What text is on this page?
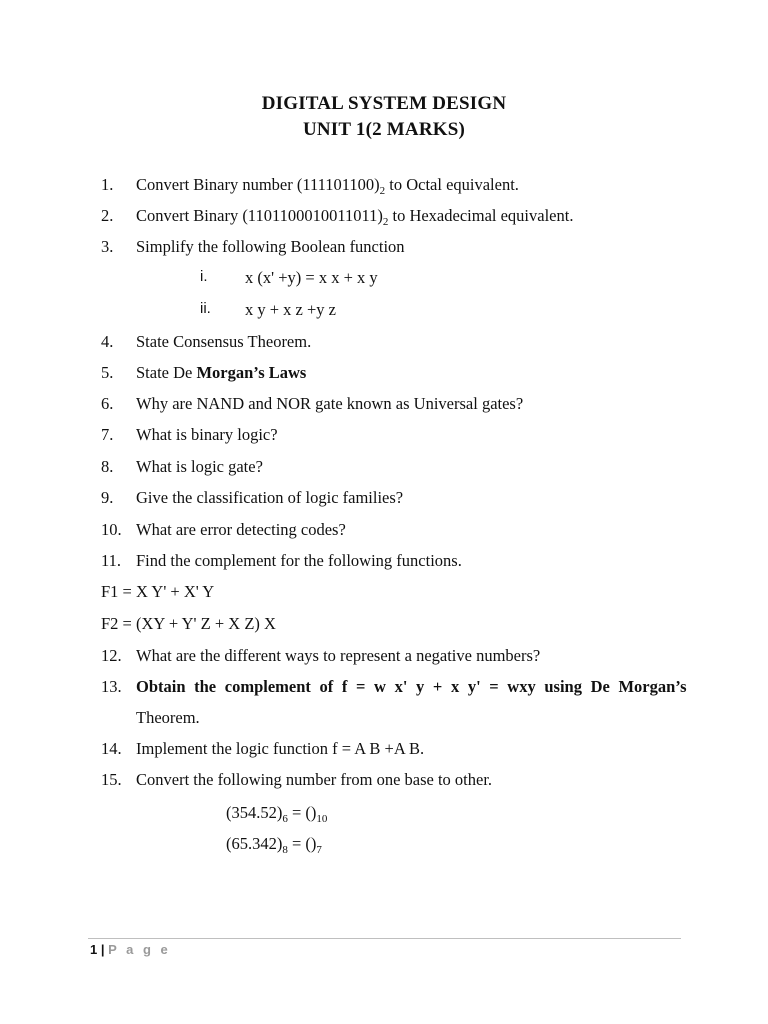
DIGITAL SYSTEM DESIGN
UNIT 1(2 MARKS)
1. Convert Binary number $(111101100)_2$ to Octal equivalent.
2. Convert Binary $(1101100010011011)_2$ to Hexadecimal equivalent.
3. Simplify the following Boolean function
i. x (x' +y) = x x + x y
ii. x y + x z +y z
4. State Consensus Theorem.
5. State De Morgan’s Laws
6. Why are NAND and NOR gate known as Universal gates?
7. What is binary logic?
8. What is logic gate?
9. Give the classification of logic families?
10. What are error detecting codes?
11. Find the complement for the following functions.
F1 = X Y' + X' Y
F2 = (XY + Y' Z + X Z) X
12. What are the different ways to represent a negative numbers?
13. Obtain the complement of f = w x' y + x y' = wxy using De Morgan’s
Theorem.
14. Implement the logic function f = A B +A B.
15. Convert the following number from one base to other.
$(354.52)_6 = ()_{10}$
$(65.342)_8 = ()_7$
1 | P a g e
